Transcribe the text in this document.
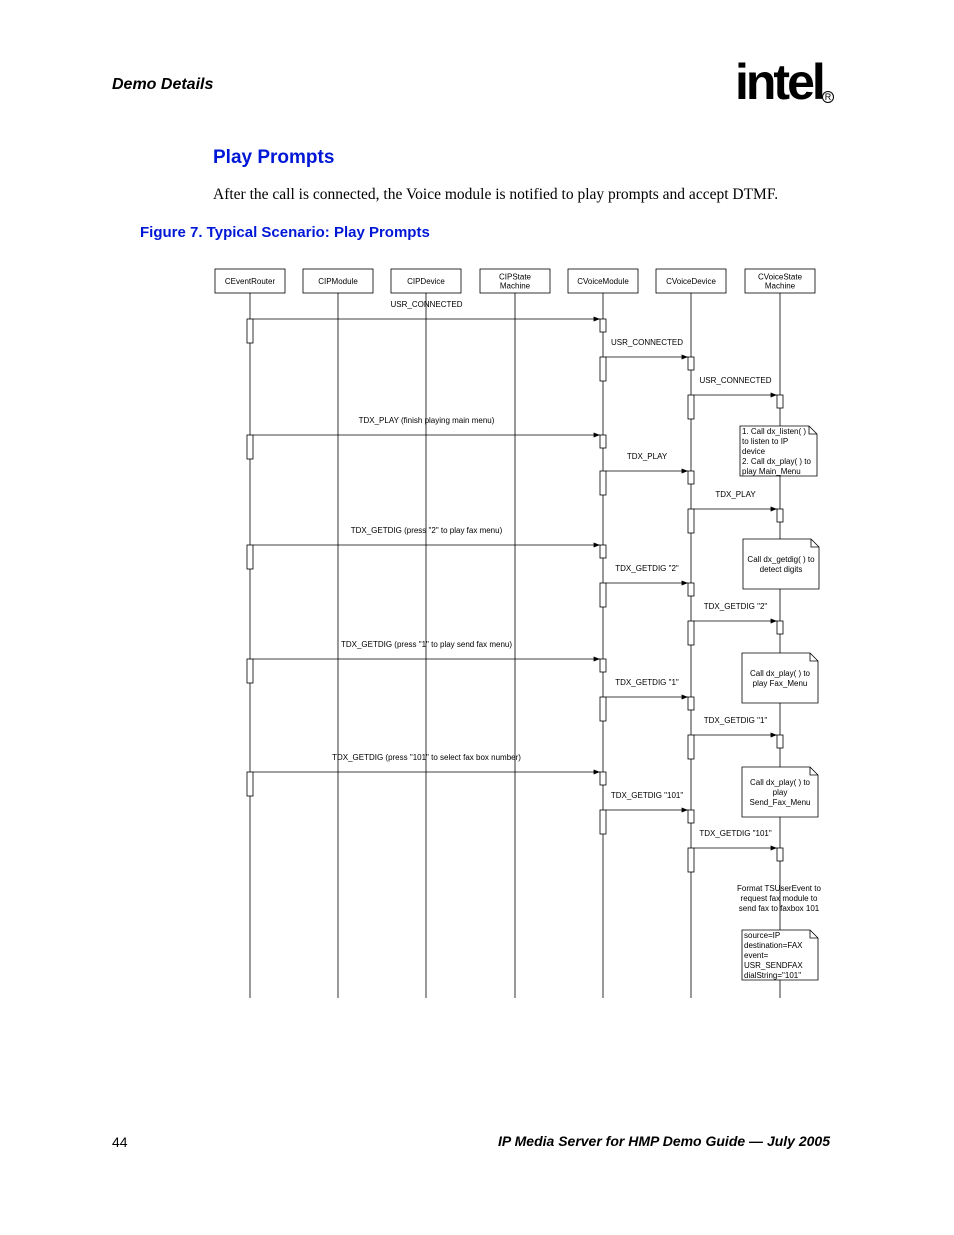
Demo Details	intel R
Play Prompts
After the call is connected, the Voice module is notified to play prompts and accept DTMF.
Figure 7. Typical Scenario: Play Prompts
CEventRouter	CIPModule	CIPDevice	CIPState
Machine	CVoiceModule	CVoiceDevice	CVoiceState
Machine
USR_CONNECTED
USR_CONNECTED
USR_CONNECTED
TDX_PLAY (finish playing main menu)
TDX_PLAY
TDX_PLAY
TDX_GETDIG (press "2" to play fax menu)
TDX_GETDIG "2"
TDX_GETDIG "2"
TDX_GETDIG (press "1" to play send fax menu)
TDX_GETDIG "1"
TDX_GETDIG "1"
TDX_GETDIG (press "101" to select fax box number)
TDX_GETDIG "101"
TDX_GETDIG "101"
1. Call dx_listen( )
to listen to IP
device
2. Call dx_play( ) to
play Main_Menu
Call dx_getdig( ) to
detect digits
Call dx_play( ) to
play Fax_Menu
Call dx_play( ) to
play
Send_Fax_Menu
Format TSUserEvent to
request fax module to
send fax to faxbox 101
source=IP
destination=FAX
event=
USR_SENDFAX
dialString="101"
44	IP Media Server for HMP Demo Guide — July 2005
